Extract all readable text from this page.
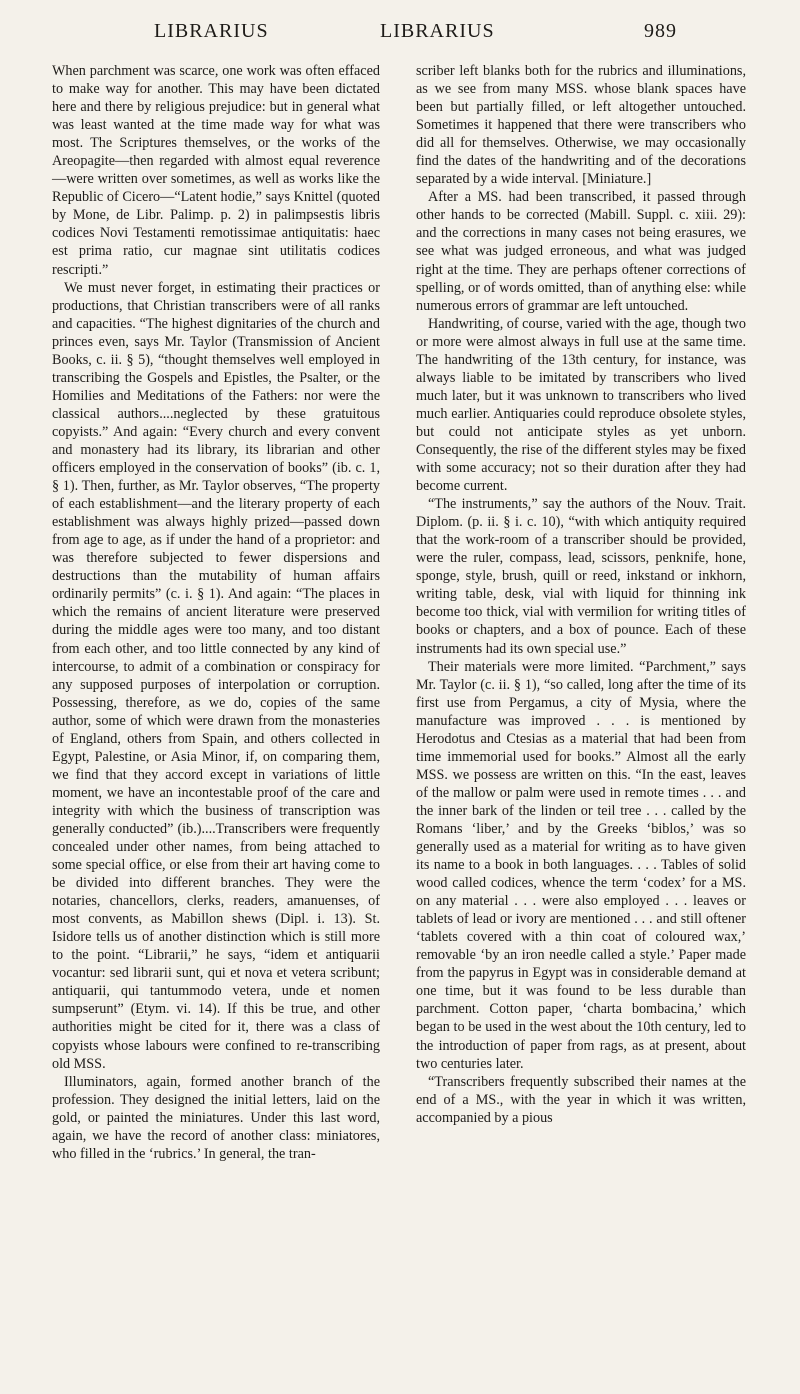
LIBRARIUS	LIBRARIUS	989

When parchment was scarce, one work was often effaced to make way for another. This may have been dictated here and there by religious prejudice: but in general what was least wanted at the time made way for what was most. The Scriptures themselves, or the works of the Areopagite—then regarded with almost equal reverence—were written over sometimes, as well as works like the Republic of Cicero—“Latent hodie,” says Knittel (quoted by Mone, de Libr. Palimp. p. 2) in palimpsestis libris codices Novi Testamenti remotissimae antiquitatis: haec est prima ratio, cur magnae sint utilitatis codices rescripti.”

We must never forget, in estimating their practices or productions, that Christian transcribers were of all ranks and capacities. “The highest dignitaries of the church and princes even, says Mr. Taylor (Transmission of Ancient Books, c. ii. § 5), “thought themselves well employed in transcribing the Gospels and Epistles, the Psalter, or the Homilies and Meditations of the Fathers: nor were the classical authors....neglected by these gratuitous copyists.” And again: “Every church and every convent and monastery had its library, its librarian and other officers employed in the conservation of books” (ib. c. 1, § 1). Then, further, as Mr. Taylor observes, “The property of each establishment—and the literary property of each establishment was always highly prized—passed down from age to age, as if under the hand of a proprietor: and was therefore subjected to fewer dispersions and destructions than the mutability of human affairs ordinarily permits” (c. i. § 1). And again: “The places in which the remains of ancient literature were preserved during the middle ages were too many, and too distant from each other, and too little connected by any kind of intercourse, to admit of a combination or conspiracy for any supposed purposes of interpolation or corruption. Possessing, therefore, as we do, copies of the same author, some of which were drawn from the monasteries of England, others from Spain, and others collected in Egypt, Palestine, or Asia Minor, if, on comparing them, we find that they accord except in variations of little moment, we have an incontestable proof of the care and integrity with which the business of transcription was generally conducted” (ib.)....Transcribers were frequently concealed under other names, from being attached to some special office, or else from their art having come to be divided into different branches. They were the notaries, chancellors, clerks, readers, amanuenses, of most convents, as Mabillon shews (Dipl. i. 13). St. Isidore tells us of another distinction which is still more to the point. “Librarii,” he says, “idem et antiquarii vocantur: sed librarii sunt, qui et nova et vetera scribunt; antiquarii, qui tantummodo vetera, unde et nomen sumpserunt” (Etym. vi. 14). If this be true, and other authorities might be cited for it, there was a class of copyists whose labours were confined to re-transcribing old MSS.

Illuminators, again, formed another branch of the profession. They designed the initial letters, laid on the gold, or painted the miniatures. Under this last word, again, we have the record of another class: miniatores, who filled in the ‘rubrics.’ In general, the tran-

scriber left blanks both for the rubrics and illuminations, as we see from many MSS. whose blank spaces have been but partially filled, or left altogether untouched. Sometimes it happened that there were transcribers who did all for themselves. Otherwise, we may occasionally find the dates of the handwriting and of the decorations separated by a wide interval. [Miniature.]

After a MS. had been transcribed, it passed through other hands to be corrected (Mabill. Suppl. c. xiii. 29): and the corrections in many cases not being erasures, we see what was judged erroneous, and what was judged right at the time. They are perhaps oftener corrections of spelling, or of words omitted, than of anything else: while numerous errors of grammar are left untouched.

Handwriting, of course, varied with the age, though two or more were almost always in full use at the same time. The handwriting of the 13th century, for instance, was always liable to be imitated by transcribers who lived much later, but it was unknown to transcribers who lived much earlier. Antiquaries could reproduce obsolete styles, but could not anticipate styles as yet unborn. Consequently, the rise of the different styles may be fixed with some accuracy; not so their duration after they had become current.

“The instruments,” say the authors of the Nouv. Trait. Diplom. (p. ii. § i. c. 10), “with which antiquity required that the work-room of a transcriber should be provided, were the ruler, compass, lead, scissors, penknife, hone, sponge, style, brush, quill or reed, inkstand or inkhorn, writing table, desk, vial with liquid for thinning ink become too thick, vial with vermilion for writing titles of books or chapters, and a box of pounce. Each of these instruments had its own special use.”

Their materials were more limited. “Parchment,” says Mr. Taylor (c. ii. § 1), “so called, long after the time of its first use from Pergamus, a city of Mysia, where the manufacture was improved . . . is mentioned by Herodotus and Ctesias as a material that had been from time immemorial used for books.” Almost all the early MSS. we possess are written on this. “In the east, leaves of the mallow or palm were used in remote times . . . and the inner bark of the linden or teil tree . . . called by the Romans ‘liber,’ and by the Greeks ‘biblos,’ was so generally used as a material for writing as to have given its name to a book in both languages. . . . Tables of solid wood called codices, whence the term ‘codex’ for a MS. on any material . . . were also employed . . . leaves or tablets of lead or ivory are mentioned . . . and still oftener ‘tablets covered with a thin coat of coloured wax,’ removable ‘by an iron needle called a style.’ Paper made from the papyrus in Egypt was in considerable demand at one time, but it was found to be less durable than parchment. Cotton paper, ‘charta bombacina,’ which began to be used in the west about the 10th century, led to the introduction of paper from rags, as at present, about two centuries later.

“Transcribers frequently subscribed their names at the end of a MS., with the year in which it was written, accompanied by a pious
